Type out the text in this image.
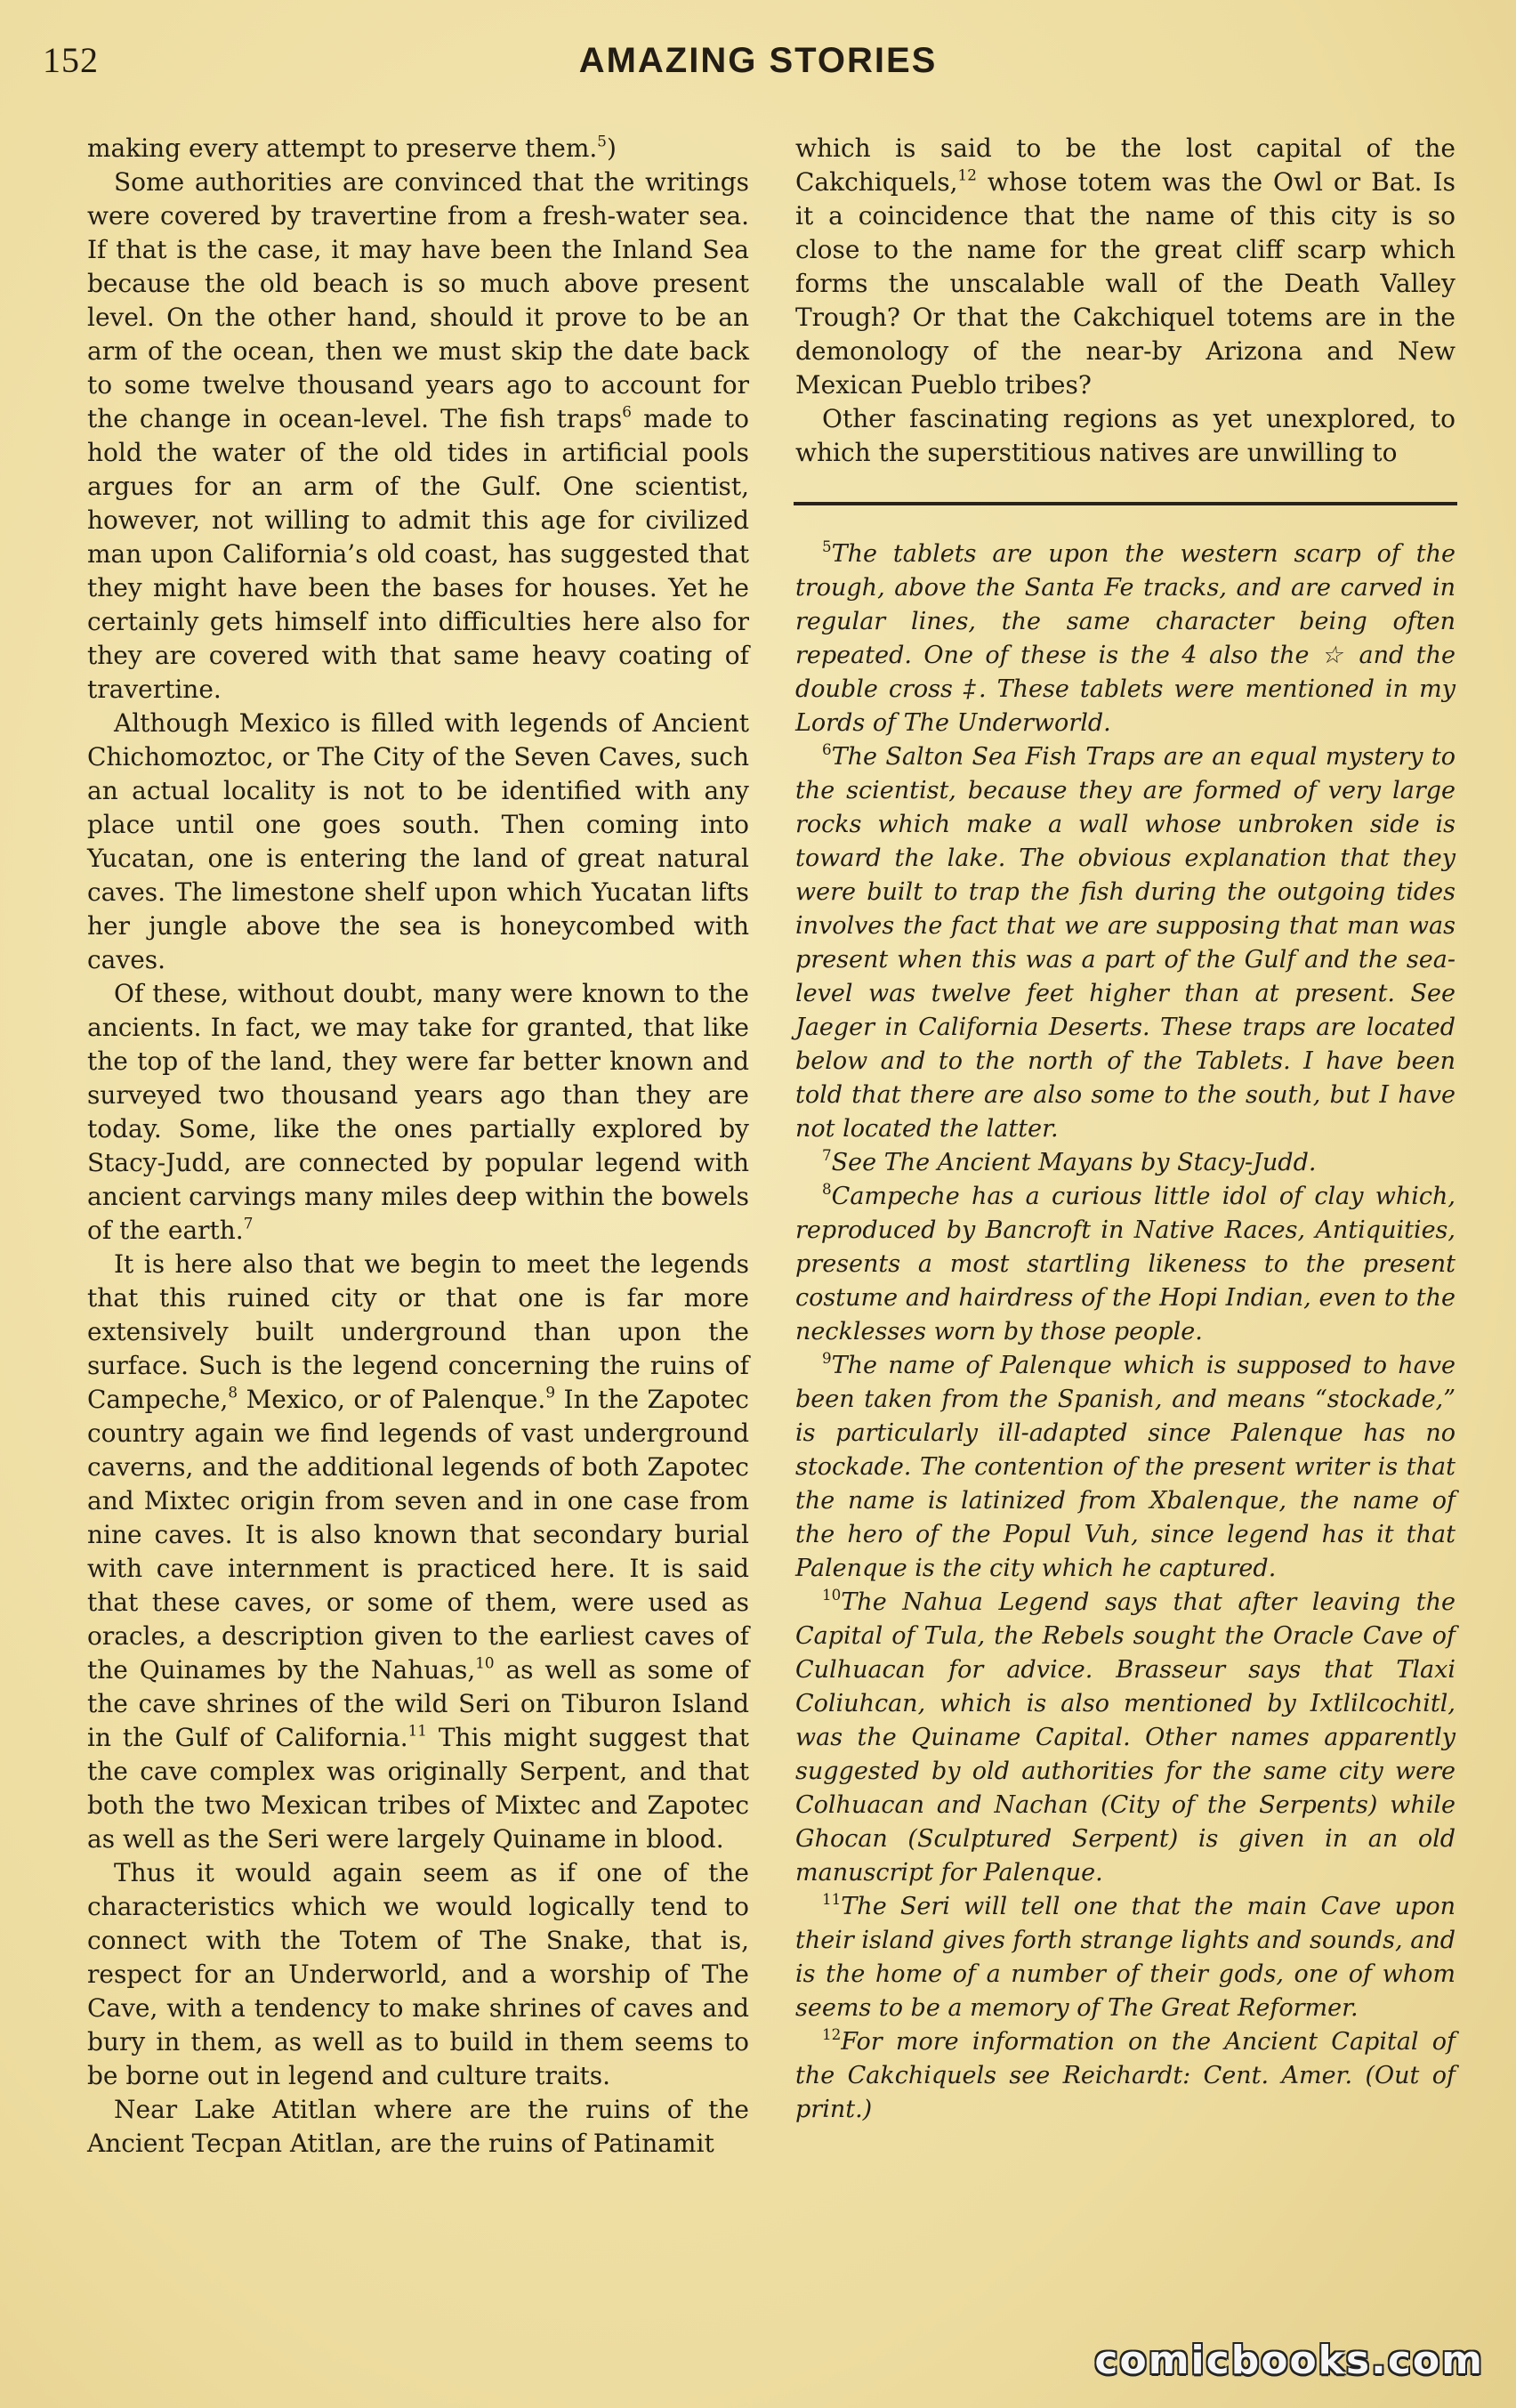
152	AMAZING STORIES

making every attempt to preserve them.$^5$)

Some authorities are convinced that the writings were covered by travertine from a fresh-water sea. If that is the case, it may have been the Inland Sea because the old beach is so much above present level. On the other hand, should it prove to be an arm of the ocean, then we must skip the date back to some twelve thousand years ago to account for the change in ocean-level. The fish traps$^6$ made to hold the water of the old tides in artificial pools argues for an arm of the Gulf. One scientist, however, not willing to admit this age for civilized man upon California’s old coast, has suggested that they might have been the bases for houses. Yet he certainly gets himself into difficulties here also for they are covered with that same heavy coating of travertine.

Although Mexico is filled with legends of Ancient Chichomoztoc, or The City of the Seven Caves, such an actual locality is not to be identified with any place until one goes south. Then coming into Yucatan, one is entering the land of great natural caves. The limestone shelf upon which Yucatan lifts her jungle above the sea is honeycombed with caves.

Of these, without doubt, many were known to the ancients. In fact, we may take for granted, that like the top of the land, they were far better known and surveyed two thousand years ago than they are today. Some, like the ones partially explored by Stacy-Judd, are connected by popular legend with ancient carvings many miles deep within the bowels of the earth.$^7$

It is here also that we begin to meet the legends that this ruined city or that one is far more extensively built underground than upon the surface. Such is the legend concerning the ruins of Campeche,$^8$ Mexico, or of Palenque.$^9$ In the Zapotec country again we find legends of vast underground caverns, and the additional legends of both Zapotec and Mixtec origin from seven and in one case from nine caves. It is also known that secondary burial with cave internment is practiced here. It is said that these caves, or some of them, were used as oracles, a description given to the earliest caves of the Quinames by the Nahuas,$^{10}$ as well as some of the cave shrines of the wild Seri on Tiburon Island in the Gulf of California.$^{11}$ This might suggest that the cave complex was originally Serpent, and that both the two Mexican tribes of Mixtec and Zapotec as well as the Seri were largely Quiname in blood.

Thus it would again seem as if one of the characteristics which we would logically tend to connect with the Totem of The Snake, that is, respect for an Underworld, and a worship of The Cave, with a tendency to make shrines of caves and bury in them, as well as to build in them seems to be borne out in legend and culture traits.

Near Lake Atitlan where are the ruins of the Ancient Tecpan Atitlan, are the ruins of Patinamit

which is said to be the lost capital of the Cakchiquels,$^{12}$ whose totem was the Owl or Bat. Is it a coincidence that the name of this city is so close to the name for the great cliff scarp which forms the unscalable wall of the Death Valley Trough? Or that the Cakchiquel totems are in the demonology of the near-by Arizona and New Mexican Pueblo tribes?

Other fascinating regions as yet unexplored, to which the superstitious natives are unwilling to

$^5$The tablets are upon the western scarp of the trough, above the Santa Fe tracks, and are carved in regular lines, the same character being often repeated. One of these is the 4 also the ☆ and the double cross ‡. These tablets were mentioned in my Lords of The Underworld.

$^6$The Salton Sea Fish Traps are an equal mystery to the scientist, because they are formed of very large rocks which make a wall whose unbroken side is toward the lake. The obvious explanation that they were built to trap the fish during the outgoing tides involves the fact that we are supposing that man was present when this was a part of the Gulf and the sea-level was twelve feet higher than at present. See Jaeger in California Deserts. These traps are located below and to the north of the Tablets. I have been told that there are also some to the south, but I have not located the latter.

$^7$See The Ancient Mayans by Stacy-Judd.

$^8$Campeche has a curious little idol of clay which, reproduced by Bancroft in Native Races, Antiquities, presents a most startling likeness to the present costume and hairdress of the Hopi Indian, even to the necklesses worn by those people.

$^9$The name of Palenque which is supposed to have been taken from the Spanish, and means “stockade,” is particularly ill-adapted since Palenque has no stockade. The contention of the present writer is that the name is latinized from Xbalenque, the name of the hero of the Popul Vuh, since legend has it that Palenque is the city which he captured.

$^{10}$The Nahua Legend says that after leaving the Capital of Tula, the Rebels sought the Oracle Cave of Culhuacan for advice. Brasseur says that Tlaxi Coliuhcan, which is also mentioned by Ixtlilcochitl, was the Quiname Capital. Other names apparently suggested by old authorities for the same city were Colhuacan and Nachan (City of the Serpents) while Ghocan (Sculptured Serpent) is given in an old manuscript for Palenque.

$^{11}$The Seri will tell one that the main Cave upon their island gives forth strange lights and sounds, and is the home of a number of their gods, one of whom seems to be a memory of The Great Reformer.

$^{12}$For more information on the Ancient Capital of the Cakchiquels see Reichardt: Cent. Amer. (Out of print.)

comicbooks.com
